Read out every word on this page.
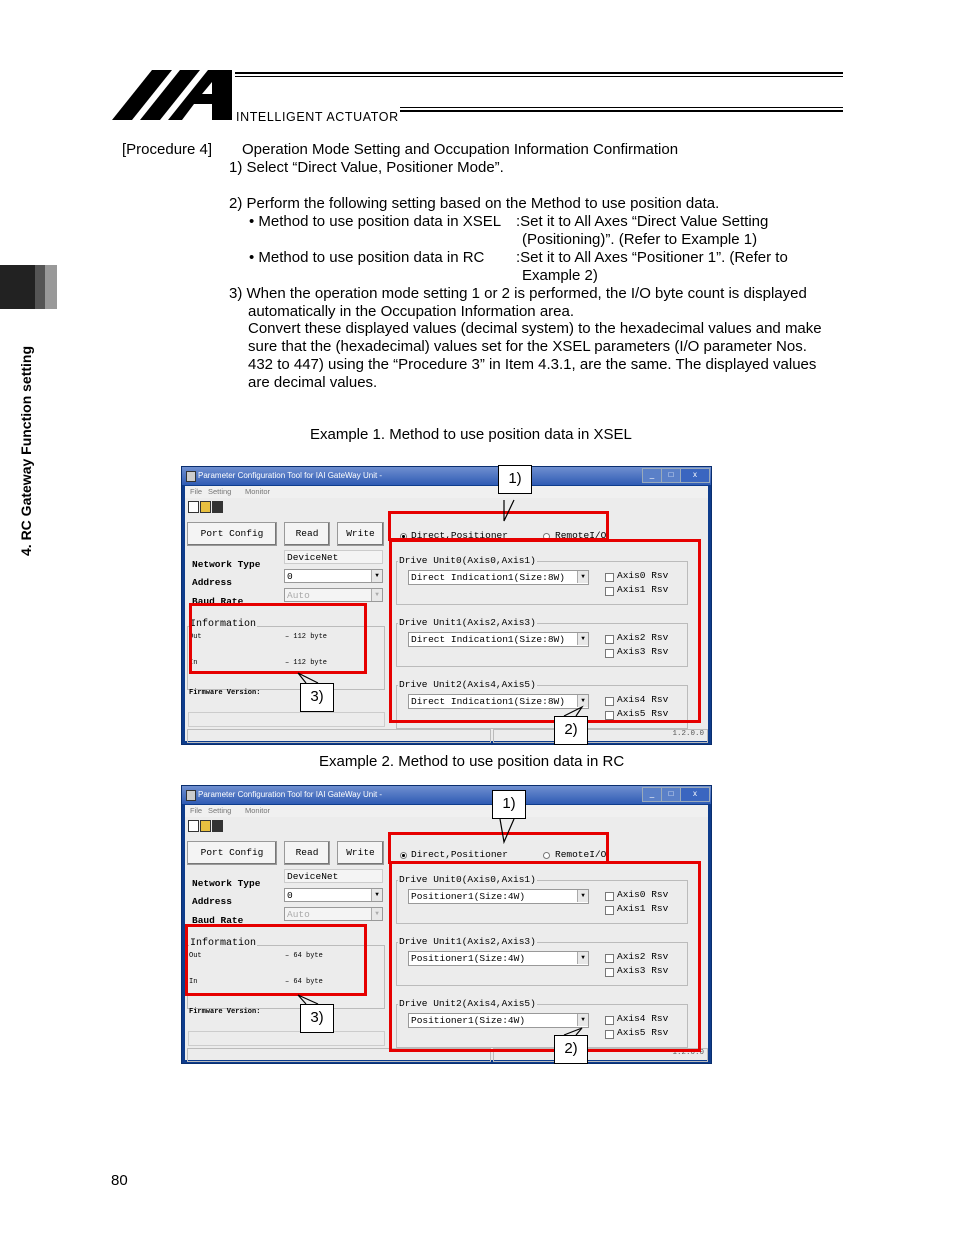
INTELLIGENT ACTUATOR
4. RC Gateway Function setting
[Procedure 4] Operation Mode Setting and Occupation Information Confirmation
1) Select “Direct Value, Positioner Mode”.
2) Perform the following setting based on the Method to use position data.
• Method to use position data in XSEL :Set it to All Axes “Direct Value Setting
(Positioning)”. (Refer to Example 1)
• Method to use position data in RC :Set it to All Axes “Positioner 1”. (Refer to
Example 2)
3) When the operation mode setting 1 or 2 is performed, the I/O byte count is displayed
automatically in the Occupation Information area.
Convert these displayed values (decimal system) to the hexadecimal values and make
sure that the (hexadecimal) values set for the XSEL parameters (I/O parameter Nos.
432 to 447) using the “Procedure 3” in Item 4.3.1, are the same. The displayed values
are decimal values.
Example 1. Method to use position data in XSEL
Parameter Configuration Tool for IAI GateWay Unit -	_	□	x
File Setting Monitor
Port Config	Read	Write
Network Type
Address
Baud Rate
DeviceNet
0	▼
Auto	▼
Information
Out
In
– 112 byte
– 112 byte
Firmware Version:
1.2.0.0
Direct,Positioner	RemoteI/O
Drive Unit0(Axis0,Axis1)
Direct Indication1(Size:8W)	▼	Axis0 Rsv
Axis1 Rsv
Drive Unit1(Axis2,Axis3)
Direct Indication1(Size:8W)	▼	Axis2 Rsv
Axis3 Rsv
Drive Unit2(Axis4,Axis5)
Direct Indication1(Size:8W)	▼	Axis4 Rsv
Axis5 Rsv
1)
2)
3)
Example 2. Method to use position data in RC
Parameter Configuration Tool for IAI GateWay Unit -	_	□	x
File Setting Monitor
Port Config	Read	Write
Network Type
Address
Baud Rate
DeviceNet
0	▼
Auto	▼
Information
Out
In
– 64 byte
– 64 byte
Firmware Version:
1.2.0.0
Direct,Positioner	RemoteI/O
Drive Unit0(Axis0,Axis1)
Positioner1(Size:4W)	▼	Axis0 Rsv
Axis1 Rsv
Drive Unit1(Axis2,Axis3)
Positioner1(Size:4W)	▼	Axis2 Rsv
Axis3 Rsv
Drive Unit2(Axis4,Axis5)
Positioner1(Size:4W)	▼	Axis4 Rsv
Axis5 Rsv
1)
2)
3)
80
